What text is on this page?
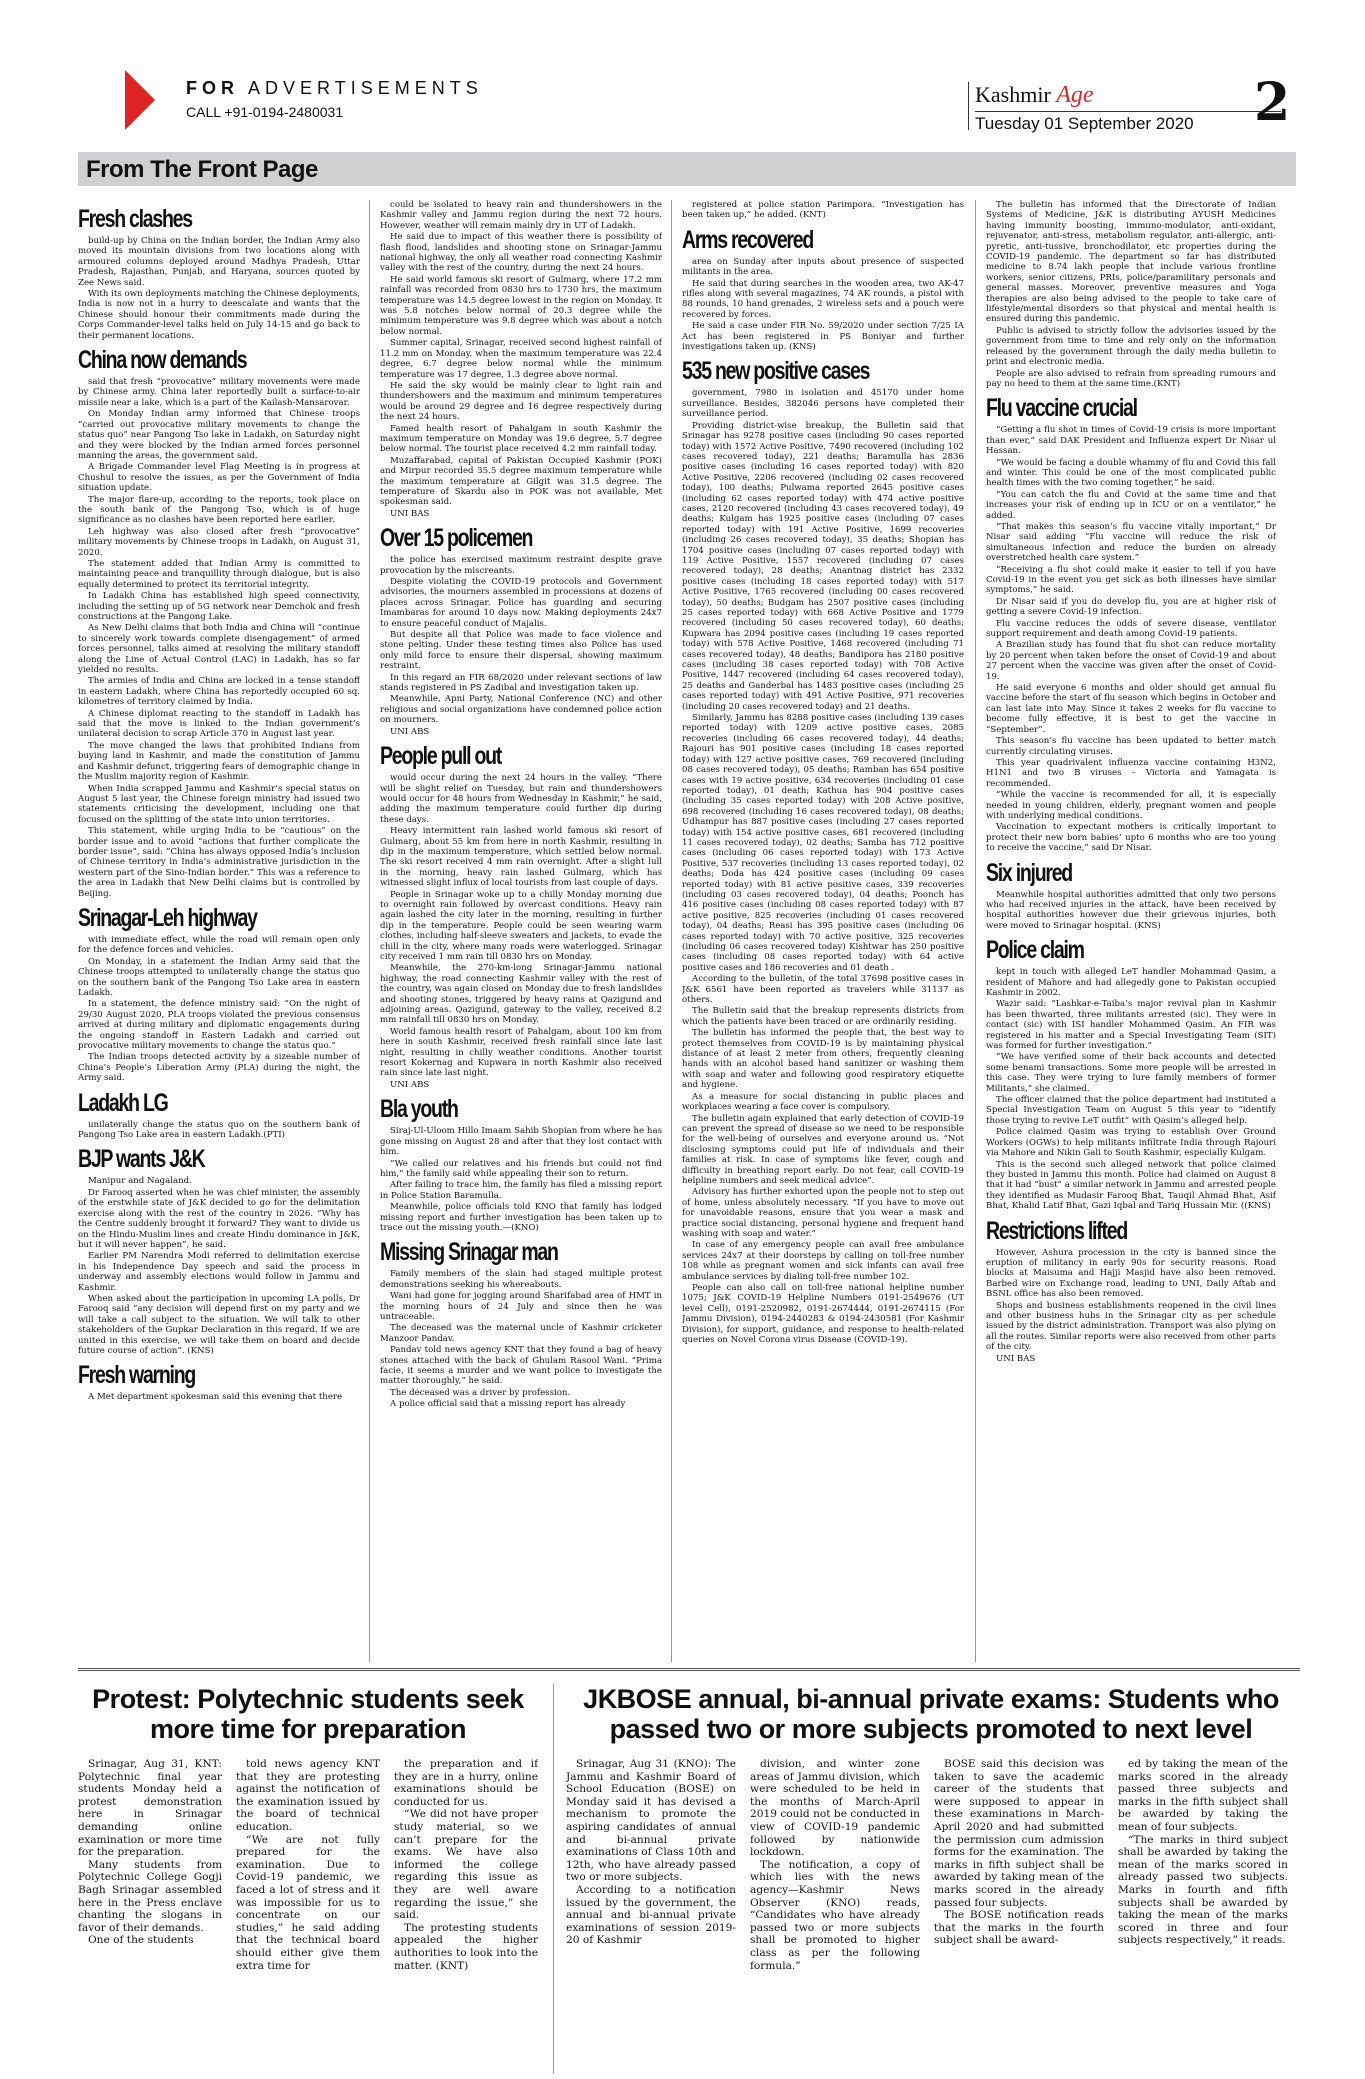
FOR ADVERTISEMENTS
CALL +91-0194-2480031
Kashmir Age
Tuesday 01 September 2020	2
From The Front Page
Fresh clashes

build-up by China on the Indian border, the Indian Army also moved its mountain divisions from two locations along with armoured columns deployed around Madhya Pradesh, Uttar Pradesh, Rajasthan, Punjab, and Haryana, sources quoted by Zee News said.

With its own deployments matching the Chinese deployments, India is now not in a hurry to deescalate and wants that the Chinese should honour their commitments made during the Corps Commander-level talks held on July 14-15 and go back to their permanent locations.

China now demands

said that fresh “provocative” military movements were made by Chinese army. China later reportedly built a surface-to-air missile near a lake, which is a part of the Kailash-Mansarovar.

On Monday Indian army informed that Chinese troops “carried out provocative military movements to change the status quo” near Pangong Tso lake in Ladakh, on Saturday night and they were blocked by the Indian armed forces personnel manning the areas, the government said.

A Brigade Commander level Flag Meeting is in progress at Chushul to resolve the issues, as per the Government of India situation update.

The major flare-up, according to the reports, took place on the south bank of the Pangong Tso, which is of huge significance as no clashes have been reported here earlier.

Leh highway was also closed after fresh “provocative” military movements by Chinese troops in Ladakh, on August 31, 2020.

The statement added that Indian Army is committed to maintaining peace and tranquillity through dialogue, but is also equally determined to protect its territorial integrity.

In Ladakh China has established high speed connectivity, including the setting up of 5G network near Demchok and fresh constructions at the Pangong Lake.

As New Delhi claims that both India and China will “continue to sincerely work towards complete disengagement” of armed forces personnel, talks aimed at resolving the military standoff along the Line of Actual Control (LAC) in Ladakh, has so far yielded no results.

The armies of India and China are locked in a tense standoff in eastern Ladakh, where China has reportedly occupied 60 sq. kilometres of territory claimed by India.

A Chinese diplomat reacting to the standoff in Ladakh has said that the move is linked to the Indian government’s unilateral decision to scrap Article 370 in August last year.

The move changed the laws that prohibited Indians from buying land in Kashmir, and made the constitution of Jammu and Kashmir defunct, triggering fears of demographic change in the Muslim majority region of Kashmir.

When India scrapped Jammu and Kashmir’s special status on August 5 last year, the Chinese foreign ministry had issued two statements criticising the development, including one that focused on the splitting of the state into union territories.

This statement, while urging India to be “cautious” on the border issue and to avoid “actions that further complicate the border issue”, said: “China has always opposed India’s inclusion of Chinese territory in India’s administrative jurisdiction in the western part of the Sino-Indian border.” This was a reference to the area in Ladakh that New Delhi claims but is controlled by Beijing.

Srinagar-Leh highway

with immediate effect, while the road will remain open only for the defence forces and vehicles.

On Monday, in a statement the Indian Army said that the Chinese troops attempted to unilaterally change the status quo on the southern bank of the Pangong Tso Lake area in eastern Ladakh.

In a statement, the defence ministry said: “On the night of 29/30 August 2020, PLA troops violated the previous consensus arrived at during military and diplomatic engagements during the ongoing standoff in Eastern Ladakh and carried out provocative military movements to change the status quo.”

The Indian troops detected activity by a sizeable number of China’s People’s Liberation Army (PLA) during the night, the Army said.

Ladakh LG

unilaterally change the status quo on the southern bank of Pangong Tso Lake area in eastern Ladakh.(PTI)

BJP wants J&K

Manipur and Nagaland.

Dr Farooq asserted when he was chief minister, the assembly of the erstwhile state of J&K decided to go for the delimitation exercise along with the rest of the country in 2026. “Why has the Centre suddenly brought it forward? They want to divide us on the Hindu-Muslim lines and create Hindu dominance in J&K, but it will never happen”, he said.

Earlier PM Narendra Modi referred to delimitation exercise in his Independence Day speech and said the process in underway and assembly elections would follow in Jammu and Kashmir.

When asked about the participation in upcoming LA polls, Dr Farooq said “any decision will depend first on my party and we will take a call subject to the situation. We will talk to other stakeholders of the Gupkar Declaration in this regard. If we are united in this exercise, we will take them on board and decide future course of action”. (KNS)

Fresh warning

A Met department spokesman said this evening that there

could be isolated to heavy rain and thundershowers in the Kashmir valley and Jammu region during the next 72 hours. However, weather will remain mainly dry in UT of Ladakh.

He said due to impact of this weather there is possibility of flash flood, landslides and shooting stone on Srinagar-Jammu national highway, the only all weather road connecting Kashmir valley with the rest of the country, during the next 24 hours.

He said world famous ski resort of Gulmarg, where 17.2 mm rainfall was recorded from 0830 hrs to 1730 hrs, the maximum temperature was 14.5 degree lowest in the region on Monday. It was 5.8 notches below normal of 20.3 degree while the minimum temperature was 9.8 degree which was about a notch below normal.

Summer capital, Srinagar, received second highest rainfall of 11.2 mm on Monday, when the maximum temperature was 22.4 degree, 6.7 degree below normal while the minimum temperature was 17 degree, 1.3 degree above normal.

He said the sky would be mainly clear to light rain and thundershowers and the maximum and minimum temperatures would be around 29 degree and 16 degree respectively during the next 24 hours.

Famed health resort of Pahalgam in south Kashmir the maximum temperature on Monday was 19.6 degree, 5.7 degree below normal. The tourist place received 4.2 mm rainfall today.

Muzaffarabad, capital of Pakistan Occupied Kashmir (POK) and Mirpur recorded 35.5 degree maximum temperature while the maximum temperature at Gilgit was 31.5 degree. The temperature of Skardu also in POK was not available, Met spokesman said.

UNI BAS

Over 15 policemen

the police has exercised maximum restraint despite grave provocation by the miscreants.

Despite violating the COVID-19 protocols and Government advisories, the mourners assembled in processions at dozens of places across Srinagar. Police has guarding and securing Imambaras for around 10 days now. Making deployments 24x7 to ensure peaceful conduct of Majalis.

But despite all that Police was made to face violence and stone pelting. Under these testing times also Police has used only mild force to ensure their dispersal, showing maximum restraint.

In this regard an FIR 68/2020 under relevant sections of law stands registered in PS Zadibal and investigation taken up.

Meanwhile, Apni Party, National Conference (NC) and other religious and social organizations have condemned police action on mourners.

UNI ABS

People pull out

would occur during the next 24 hours in the valley. “There will be slight relief on Tuesday, but rain and thundershowers would occur for 48 hours from Wednesday in Kashmir,” he said, adding the maximum temperature could further dip during these days.

Heavy intermittent rain lashed world famous ski resort of Gulmarg, about 55 km from here in north Kashmir, resulting in dip in the maximum temperature, which settled below normal. The ski resort received 4 mm rain overnight. After a slight lull in the morning, heavy rain lashed Gulmarg, which has witnessed slight influx of local tourists from last couple of days.

People in Srinagar woke up to a chilly Monday morning due to overnight rain followed by overcast conditions. Heavy rain again lashed the city later in the morning, resulting in further dip in the temperature. People could be seen wearing warm clothes, including half-sleeve sweaters and jackets, to evade the chill in the city, where many roads were waterlogged. Srinagar city received 1 mm rain till 0830 hrs on Monday.

Meanwhile, the 270-km-long Srinagar-Jammu national highway, the road connecting Kashmir valley with the rest of the country, was again closed on Monday due to fresh landslides and shooting stones, triggered by heavy rains at Qazigund and adjoining areas. Qazigund, gateway to the valley, received 8.2 mm rainfall till 0830 hrs on Monday.

World famous health resort of Pahalgam, about 100 km from here in south Kashmir, received fresh rainfall since late last night, resulting in chilly weather conditions. Another tourist resort Kokernag and Kupwara in north Kashmir also received rain since late last night.

UNI ABS

Bla youth

Siraj-Ul-Uloom Hillo Imaam Sahib Shopian from where he has gone missing on August 28 and after that they lost contact with him.

“We called our relatives and his friends but could not find him,” the family said while appealing their son to return.

After failing to trace him, the family has filed a missing report in Police Station Baramulla.

Meanwhile, police officials told KNO that family has lodged missing report and further investigation has been taken up to trace out the missing youth.—(KNO)

Missing Srinagar man

Family members of the slain had staged multiple protest demonstrations seeking his whereabouts.

Wani had gone for jogging around Sharifabad area of HMT in the morning hours of 24 July and since then he was untraceable.

The deceased was the maternal uncle of Kashmir cricketer Manzoor Pandav.

Pandav told news agency KNT that they found a bag of heavy stones attached with the back of Ghulam Rasool Wani. “Prima facie, it seems a murder and we want police to investigate the matter thoroughly,” he said.

The deceased was a driver by profession.

A police official said that a missing report has already

registered at police station Parimpora. “Investigation has been taken up,” he added. (KNT)

Arms recovered

area on Sunday after inputs about presence of suspected militants in the area.

He said that during searches in the wooden area, two AK-47 rifles along with several magazines, 74 AK rounds, a pistol with 88 rounds, 10 hand grenades, 2 wireless sets and a pouch were recovered by forces.

He said a case under FIR No. 59/2020 under section 7/25 IA Act has been registered in PS Boniyar and further investigations taken up. (KNS)

535 new positive cases

government, 7980 in isolation and 45170 under home surveillance. Besides, 382046 persons have completed their surveillance period.

Providing district-wise breakup, the Bulletin said that Srinagar has 9278 positive cases (including 90 cases reported today) with 1572 Active Positive, 7490 recovered (including 102 cases recovered today), 221 deaths; Baramulla has 2836 positive cases (including 16 cases reported today) with 820 Active Positive, 2206 recovered (including 02 cases recovered today), 100 deaths; Pulwama reported 2645 positive cases (including 62 cases reported today) with 474 active positive cases, 2120 recovered (including 43 cases recovered today), 49 deaths; Kulgam has 1925 positive cases (including 07 cases reported today) with 191 Active Positive, 1699 recoveries (including 26 cases recovered today), 35 deaths; Shopian has 1704 positive cases (including 07 cases reported today) with 119 Active Positive, 1557 recovered (including 07 cases recovered today), 28 deaths; Anantnag district has 2332 positive cases (including 18 cases reported today) with 517 Active Positive, 1765 recovered (including 00 cases recovered today), 50 deaths; Budgam has 2507 positive cases (including 25 cases reported today) with 668 Active Positive and 1779 recovered (including 50 cases recovered today), 60 deaths; Kupwara has 2094 positive cases (including 19 cases reported today) with 578 Active Positive, 1468 recovered (including 71 cases recovered today), 48 deaths; Bandipora has 2180 positive cases (including 38 cases reported today) with 708 Active Positive, 1447 recovered (including 64 cases recovered today), 25 deaths and Ganderbal has 1483 positive cases (including 25 cases reported today) with 491 Active Positive, 971 recoveries (including 20 cases recovered today) and 21 deaths.

Similarly, Jammu has 8288 positive cases (including 139 cases reported today) with 1209 active positive cases, 2085 recoveries (including 66 cases recovered today), 44 deaths; Rajouri has 901 positive cases (including 18 cases reported today) with 127 active positive cases, 769 recovered (including 08 cases recovered today), 05 deaths; Ramban has 654 positive cases with 19 active positive, 634 recoveries (including 01 case reported today), 01 death; Kathua has 904 positive cases (including 35 cases reported today) with 208 Active positive, 698 recovered (including 16 cases recovered today), 08 deaths; Udhampur has 887 positive cases (including 27 cases reported today) with 154 active positive cases, 681 recovered (including 11 cases recovered today), 02 deaths; Samba has 712 positive cases (including 06 cases reported today) with 173 Active Positive, 537 recoveries (including 13 cases reported today), 02 deaths; Doda has 424 positive cases (including 09 cases reported today) with 81 active positive cases, 339 recoveries (including 03 cases recovered today), 04 deaths; Poonch has 416 positive cases (including 08 cases reported today) with 87 active positive, 825 recoveries (including 01 cases recovered today), 04 deaths; Reasi has 395 positive cases (including 06 cases reported today) with 70 active positive, 325 recoveries (including 06 cases recovered today) Kishtwar has 250 positive cases (including 08 cases reported today) with 64 active positive cases and 186 recoveries and 01 death .

According to the bulletin, of the total 37698 positive cases in J&K 6561 have been reported as travelers while 31137 as others.

The Bulletin said that the breakup represents districts from which the patients have been traced or are ordinarily residing.

The bulletin has informed the people that, the best way to protect themselves from COVID-19 is by maintaining physical distance of at least 2 meter from others, frequently cleaning hands with an alcohol based hand sanitizer or washing them with soap and water and following good respiratory etiquette and hygiene.

As a measure for social distancing in public places and workplaces wearing a face cover is compulsory.

The bulletin again explained that early detection of COVID-19 can prevent the spread of disease so we need to be responsible for the well-being of ourselves and everyone around us. “Not disclosing symptoms could put life of individuals and their families at risk. In case of symptoms like fever, cough and difficulty in breathing report early. Do not fear, call COVID-19 helpline numbers and seek medical advice”.

Advisory has further exhorted upon the people not to step out of home, unless absolutely necessary. “If you have to move out for unavoidable reasons, ensure that you wear a mask and practice social distancing, personal hygiene and frequent hand washing with soap and water.”

In case of any emergency people can avail free ambulance services 24x7 at their doorsteps by calling on toll-free number 108 while as pregnant women and sick infants can avail free ambulance services by dialing toll-free number 102.

People can also call on toll-free national helpline number 1075; J&K COVID-19 Helpline Numbers 0191-2549676 (UT level Cell), 0191-2520982, 0191-2674444, 0191-2674115 (For Jammu Division), 0194-2440283 & 0194-2430581 (For Kashmir Division), for support, guidance, and response to health-related queries on Novel Corona virus Disease (COVID-19).

The bulletin has informed that the Directorate of Indian Systems of Medicine, J&K is distributing AYUSH Medicines having immunity boosting, immuno-modulator, anti-oxidant, rejuvenator, anti-stress, metabolism regulator, anti-allergic, anti-pyretic, anti-tussive, bronchodilator, etc properties during the COVID-19 pandemic. The department so far has distributed medicine to 8.74 lakh people that include various frontline workers, senior citizens, PRIs, police/paramilitary personals and general masses. Moreover, preventive measures and Yoga therapies are also being advised to the people to take care of lifestyle/mental disorders so that physical and mental health is ensured during this pandemic.

Public is advised to strictly follow the advisories issued by the government from time to time and rely only on the information released by the government through the daily media bulletin to print and electronic media.

People are also advised to refrain from spreading rumours and pay no heed to them at the same time.(KNT)

Flu vaccine crucial

“Getting a flu shot in times of Covid-19 crisis is more important than ever,” said DAK President and Influenza expert Dr Nisar ul Hassan.

“We would be facing a double whammy of flu and Covid this fall and winter. This could be one of the most complicated public health times with the two coming together,” he said.

“You can catch the flu and Covid at the same time and that increases your risk of ending up in ICU or on a ventilator,” he added.

“That makes this season’s flu vaccine vitally important,” Dr Nisar said adding “Flu vaccine will reduce the risk of simultaneous infection and reduce the burden on already overstretched health care system.”

“Receiving a flu shot could make it easier to tell if you have Covid-19 in the event you get sick as both illnesses have similar symptoms,” he said.

Dr Nisar said if you do develop flu, you are at higher risk of getting a severe Covid-19 infection.

Flu vaccine reduces the odds of severe disease, ventilator support requirement and death among Covid-19 patients.

A Brazilian study has found that flu shot can reduce mortality by 20 percent when taken before the onset of Covid-19 and about 27 percent when the vaccine was given after the onset of Covid-19.

He said everyone 6 months and older should get annual flu vaccine before the start of flu season which begins in October and can last late into May. Since it takes 2 weeks for flu vaccine to become fully effective, it is best to get the vaccine in “September”.

This season’s flu vaccine has been updated to better match currently circulating viruses.

This year quadrivalent influenza vaccine containing H3N2, H1N1 and two B viruses – Victoria and Yamagata is recommended.

“While the vaccine is recommended for all, it is especially needed in young children, elderly, pregnant women and people with underlying medical conditions.

Vaccination to expectant mothers is critically important to protect their new born babies’ upto 6 months who are too young to receive the vaccine,” said Dr Nisar.

Six injured

Meanwhile hospital authorities admitted that only two persons who had received injuries in the attack, have been received by hospital authorities however due their grievous injuries, both were moved to Srinagar hospital. (KNS)

Police claim

kept in touch with alleged LeT handler Mohammad Qasim, a resident of Mahore and had allegedly gone to Pakistan occupied Kashmir in 2002.

Wazir said: “Lashkar-e-Taiba’s major revival plan in Kashmir has been thwarted, three militants arrested (sic). They were in contact (sic) with ISI handler Mohammed Qasim. An FIR was registered in his matter and a Special Investigating Team (SIT) was formed for further investigation.”

“We have verified some of their back accounts and detected some benami transactions. Some more people will be arrested in this case. They were trying to lure family members of former Militants,” she claimed.

The officer claimed that the police department had instituted a Special Investigation Team on August 5 this year to “identify those trying to revive LeT outfit” with Qasim’s alleged help.

Police claimed Qasim was trying to establish Over Ground Workers (OGWs) to help militants infiltrate India through Rajouri via Mahore and Nikin Gali to South Kashmir, especially Kulgam.

This is the second such alleged network that police claimed they busted in Jammu this month. Police had claimed on August 8 that it had “bust” a similar network in Jammu and arrested people they identified as Mudasir Farooq Bhat, Tauqil Ahmad Bhat, Asif Bhat, Khalid Latif Bhat, Gazi Iqbal and Tariq Hussain Mir. ((KNS)

Restrictions lifted

However, Ashura procession in the city is banned since the eruption of militancy in early 90s for security reasons. Road blocks at Maisuma and Hajji Masjid have also been removed. Barbed wire on Exchange road, leading to UNI, Daily Aftab and BSNL office has also been removed.

Shops and business establishments reopened in the civil lines and other business hubs in the Srinagar city as per schedule issued by the district administration. Transport was also plying on all the routes. Similar reports were also received from other parts of the city.

UNI BAS

Protest: Polytechnic students seek more time for preparation

Srinagar, Aug 31, KNT: Polytechnic final year students Monday held a protest demonstration here in Srinagar demanding online examination or more time for the preparation.

Many students from Polytechnic College Gogji Bagh Srinagar assembled here in the Press enclave chanting the slogans in favor of their demands.

One of the students

told news agency KNT that they are protesting against the notification of the examination issued by the board of technical education.

“We are not fully prepared for the examination. Due to Covid-19 pandemic, we faced a lot of stress and it was impossible for us to concentrate on our studies,” he said adding that the technical board should either give them extra time for

the preparation and if they are in a hurry, online examinations should be conducted for us.

“We did not have proper study material, so we can’t prepare for the exams. We have also informed the college regarding this issue as they are well aware regarding the issue,” she said.

The protesting students appealed the higher authorities to look into the matter. (KNT)

JKBOSE annual, bi-annual private exams: Students who passed two or more subjects promoted to next level

Srinagar, Aug 31 (KNO): The Jammu and Kashmir Board of School Education (BOSE) on Monday said it has devised a mechanism to promote the aspiring candidates of annual and bi-annual private examinations of Class 10th and 12th, who have already passed two or more subjects.

According to a notification issued by the government, the annual and bi-annual private examinations of session 2019-20 of Kashmir

division, and winter zone areas of Jammu division, which were scheduled to be held in the months of March-April 2019 could not be conducted in view of COVID-19 pandemic followed by nationwide lockdown.

The notification, a copy of which lies with the news agency—Kashmir News Observer (KNO) reads, “Candidates who have already passed two or more subjects shall be promoted to higher class as per the following formula.”

BOSE said this decision was taken to save the academic career of the students that were supposed to appear in these examinations in March-April 2020 and had submitted the permission cum admission forms for the examination. The marks in fifth subject shall be awarded by taking mean of the marks scored in the already passed four subjects.

The BOSE notification reads that the marks in the fourth subject shall be award-

ed by taking the mean of the marks scored in the already passed three subjects and marks in the fifth subject shall be awarded by taking the mean of four subjects.

“The marks in third subject shall be awarded by taking the mean of the marks scored in already passed two subjects. Marks in fourth and fifth subjects shall be awarded by taking the mean of the marks scored in three and four subjects respectively,” it reads.
